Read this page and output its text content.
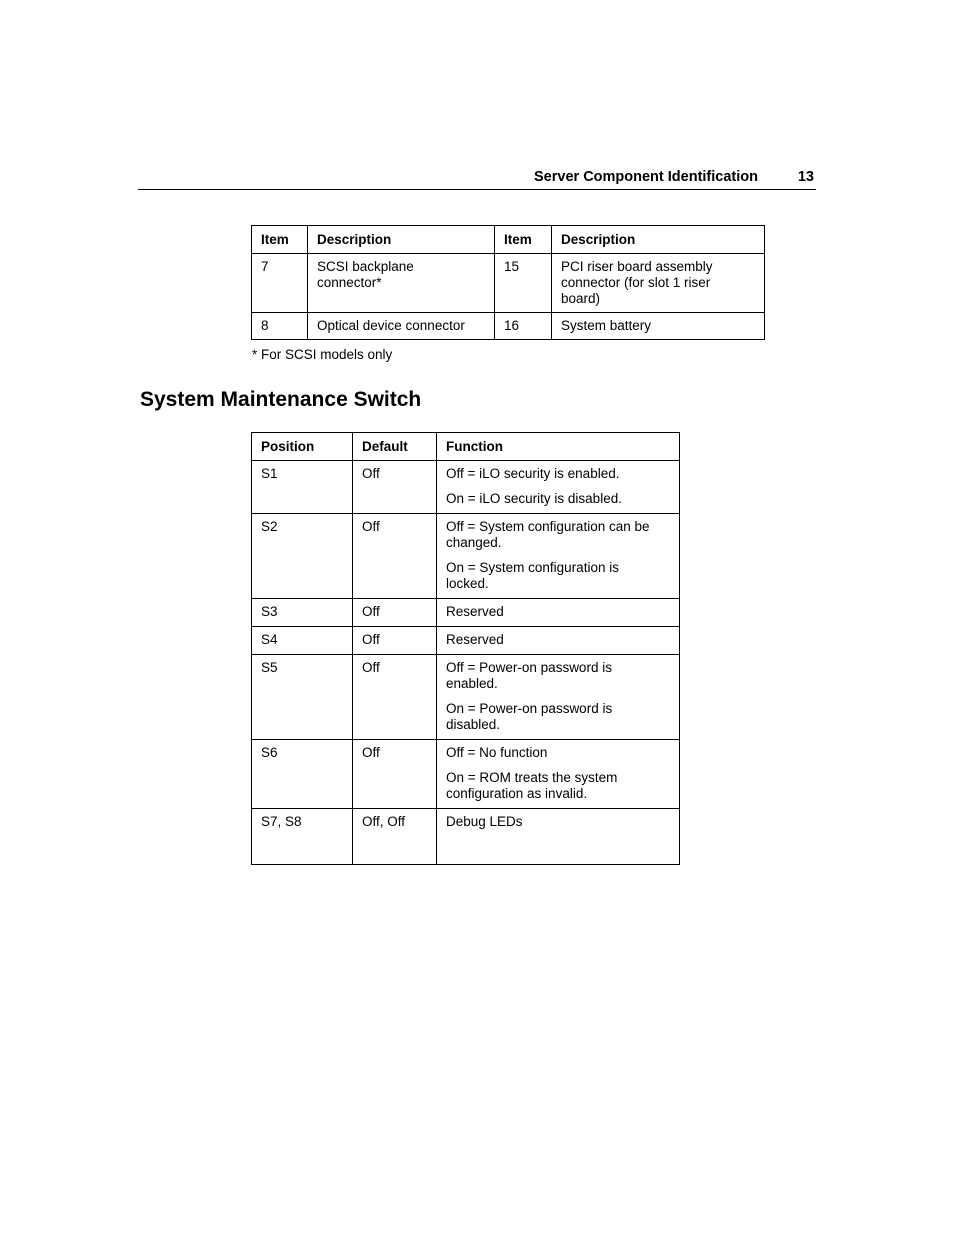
Server Component Identification	13
Item	Description	Item	Description
7	SCSI backplane connector*	15	PCI riser board assembly connector (for slot 1 riser board)
8	Optical device connector	16	System battery
* For SCSI models only
System Maintenance Switch
Position	Default	Function
S1	Off	Off = iLO security is enabled.
On = iLO security is disabled.

S2	Off	Off = System configuration can be changed.
On = System configuration is locked.

S3	Off	Reserved

S4	Off	Reserved

S5	Off	Off = Power-on password is enabled.
On = Power-on password is disabled.

S6	Off	Off = No function
On = ROM treats the system configuration as invalid.

S7, S8	Off, Off	Debug LEDs
